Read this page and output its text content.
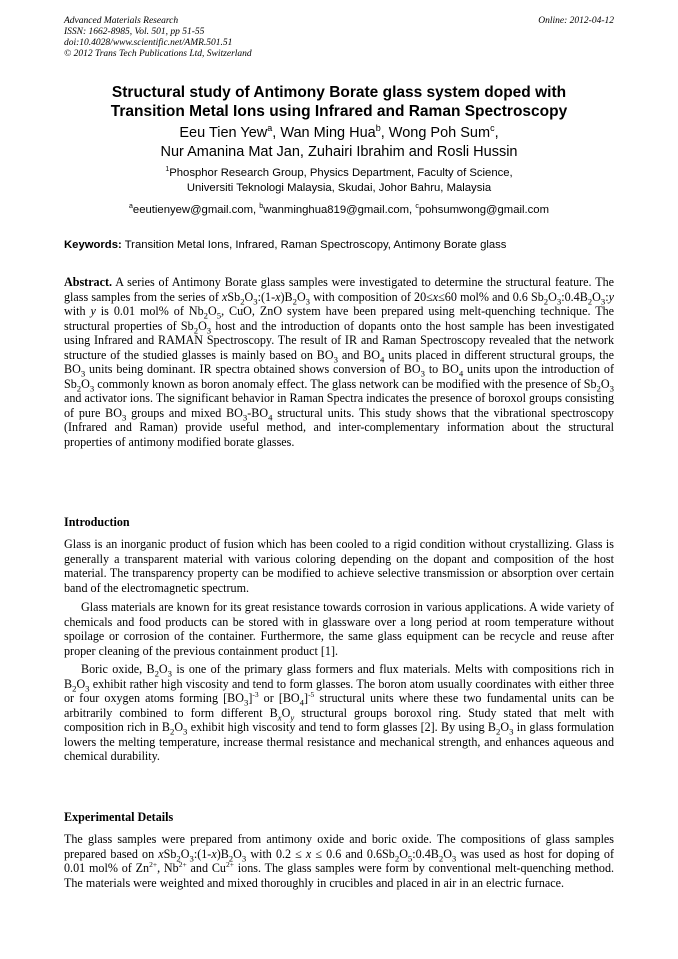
Advanced Materials Research
ISSN: 1662-8985, Vol. 501, pp 51-55
doi:10.4028/www.scientific.net/AMR.501.51
© 2012 Trans Tech Publications Ltd, Switzerland
Online: 2012-04-12
Structural study of Antimony Borate glass system doped with
Transition Metal Ions using Infrared and Raman Spectroscopy
Eeu Tien Yew$^a$, Wan Ming Hua$^b$, Wong Poh Sum$^c$,
Nur Amanina Mat Jan, Zuhairi Ibrahim and Rosli Hussin
$^1$Phosphor Research Group, Physics Department, Faculty of Science,
Universiti Teknologi Malaysia, Skudai, Johor Bahru, Malaysia
$^a$eeutienyew@gmail.com, $^b$wanminghua819@gmail.com, $^c$pohsumwong@gmail.com
Keywords: Transition Metal Ions, Infrared, Raman Spectroscopy, Antimony Borate glass

Abstract. A series of Antimony Borate glass samples were investigated to determine the structural feature. The glass samples from the series of $xSb_2O_3:(1-x)B_2O_3$ with composition of 20≤x≤60 mol% and 0.6 $Sb_2O_3:0.4B_2O_3:y$ with y is 0.01 mol% of $Nb_2O_5$, CuO, ZnO system have been prepared using melt-quenching technique. The structural properties of $Sb_2O_3$ host and the introduction of dopants onto the host sample has been investigated using Infrared and RAMAN Spectroscopy. The result of IR and Raman Spectroscopy revealed that the network structure of the studied glasses is mainly based on $BO_3$ and $BO_4$ units placed in different structural groups, the $BO_3$ units being dominant. IR spectra obtained shows conversion of $BO_3$ to $BO_4$ units upon the introduction of $Sb_2O_3$ commonly known as boron anomaly effect. The glass network can be modified with the presence of $Sb_2O_3$ and activator ions. The significant behavior in Raman Spectra indicates the presence of boroxol groups consisting of pure $BO_3$ groups and mixed $BO_3-BO_4$ structural units. This study shows that the vibrational spectroscopy (Infrared and Raman) provide useful method, and inter-complementary information about the structural properties of antimony modified borate glasses.

Introduction

Glass is an inorganic product of fusion which has been cooled to a rigid condition without crystallizing. Glass is generally a transparent material with various coloring depending on the dopant and composition of the host material. The transparency property can be modified to achieve selective transmission or absorption over certain band of the electromagnetic spectrum.

Glass materials are known for its great resistance towards corrosion in various applications. A wide variety of chemicals and food products can be stored with in glassware over a long period at room temperature without spoilage or corrosion of the container. Furthermore, the same glass equipment can be recycle and reuse after proper cleaning of the previous containment product [1].

Boric oxide, $B_2O_3$ is one of the primary glass formers and flux materials. Melts with compositions rich in $B_2O_3$ exhibit rather high viscosity and tend to form glasses. The boron atom usually coordinates with either three or four oxygen atoms forming $[BO_3]^{-3}$ or $[BO_4]^{-5}$ structural units where these two fundamental units can be arbitrarily combined to form different $B_xO_y$ structural groups boroxol ring. Study stated that melt with composition rich in $B_2O_3$ exhibit high viscosity and tend to form glasses [2]. By using $B_2O_3$ in glass formulation lowers the melting temperature, increase thermal resistance and mechanical strength, and enhances aqueous and chemical durability.

Experimental Details

The glass samples were prepared from antimony oxide and boric oxide. The compositions of glass samples prepared based on $xSb_2O_3:(1-x)B_2O_3$ with 0.2 ≤ x ≤ 0.6 and $0.6Sb_2O_5:0.4B_2O_3$ was used as host for doping of 0.01 mol% of $Zn^{2+}$, $Nb^{2+}$ and $Cu^{2+}$ ions. The glass samples were form by conventional melt-quenching method. The materials were weighted and mixed thoroughly in crucibles and placed in air in an electric furnace.
